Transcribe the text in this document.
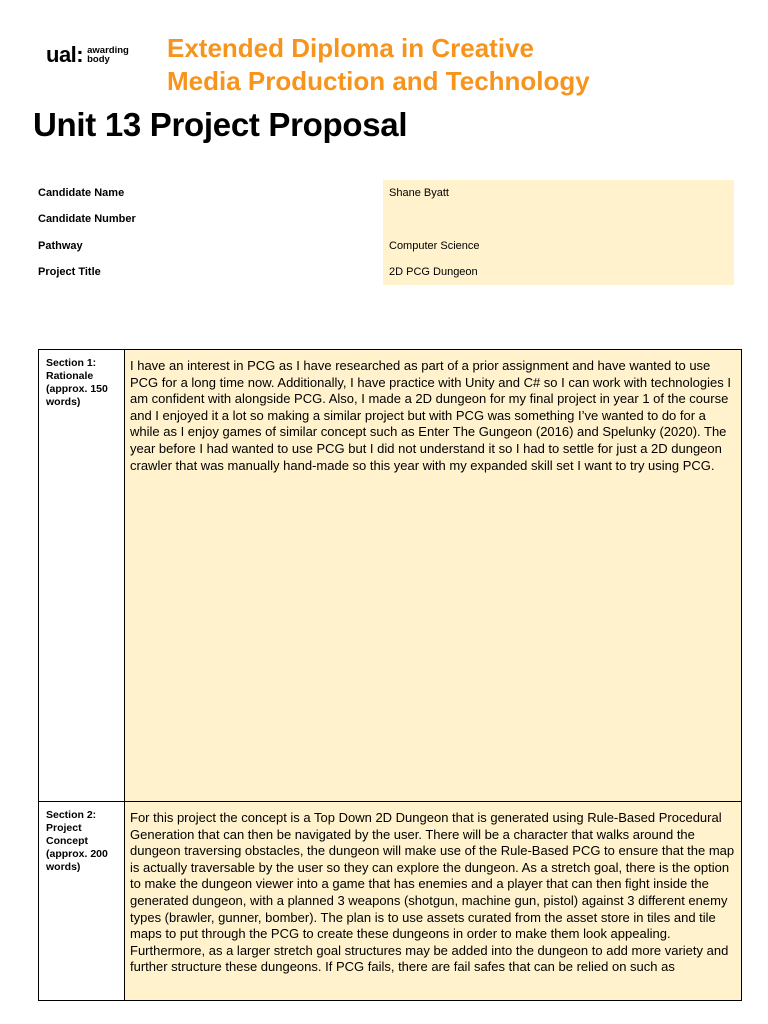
ual: awarding
body	Extended Diploma in Creative
Media Production and Technology
Unit 13 Project Proposal
Candidate Name	Shane Byatt
Candidate Number
Pathway	Computer Science
Project Title	2D PCG Dungeon
Section 1: Rationale (approx. 150 words)
I have an interest in PCG as I have researched as part of a prior assignment and have wanted to use PCG for a long time now. Additionally, I have practice with Unity and C# so I can work with technologies I am confident with alongside PCG. Also, I made a 2D dungeon for my final project in year 1 of the course and I enjoyed it a lot so making a similar project but with PCG was something I’ve wanted to do for a while as I enjoy games of similar concept such as Enter The Gungeon (2016) and Spelunky (2020). The year before I had wanted to use PCG but I did not understand it so I had to settle for just a 2D dungeon crawler that was manually hand-made so this year with my expanded skill set I want to try using PCG.
Section 2: Project Concept (approx. 200 words)
For this project the concept is a Top Down 2D Dungeon that is generated using Rule-Based Procedural Generation that can then be navigated by the user. There will be a character that walks around the dungeon traversing obstacles, the dungeon will make use of the Rule-Based PCG to ensure that the map is actually traversable by the user so they can explore the dungeon. As a stretch goal, there is the option to make the dungeon viewer into a game that has enemies and a player that can then fight inside the generated dungeon, with a planned 3 weapons (shotgun, machine gun, pistol) against 3 different enemy types (brawler, gunner, bomber). The plan is to use assets curated from the asset store in tiles and tile maps to put through the PCG to create these dungeons in order to make them look appealing. Furthermore, as a larger stretch goal structures may be added into the dungeon to add more variety and further structure these dungeons. If PCG fails, there are fail safes that can be relied on such as
